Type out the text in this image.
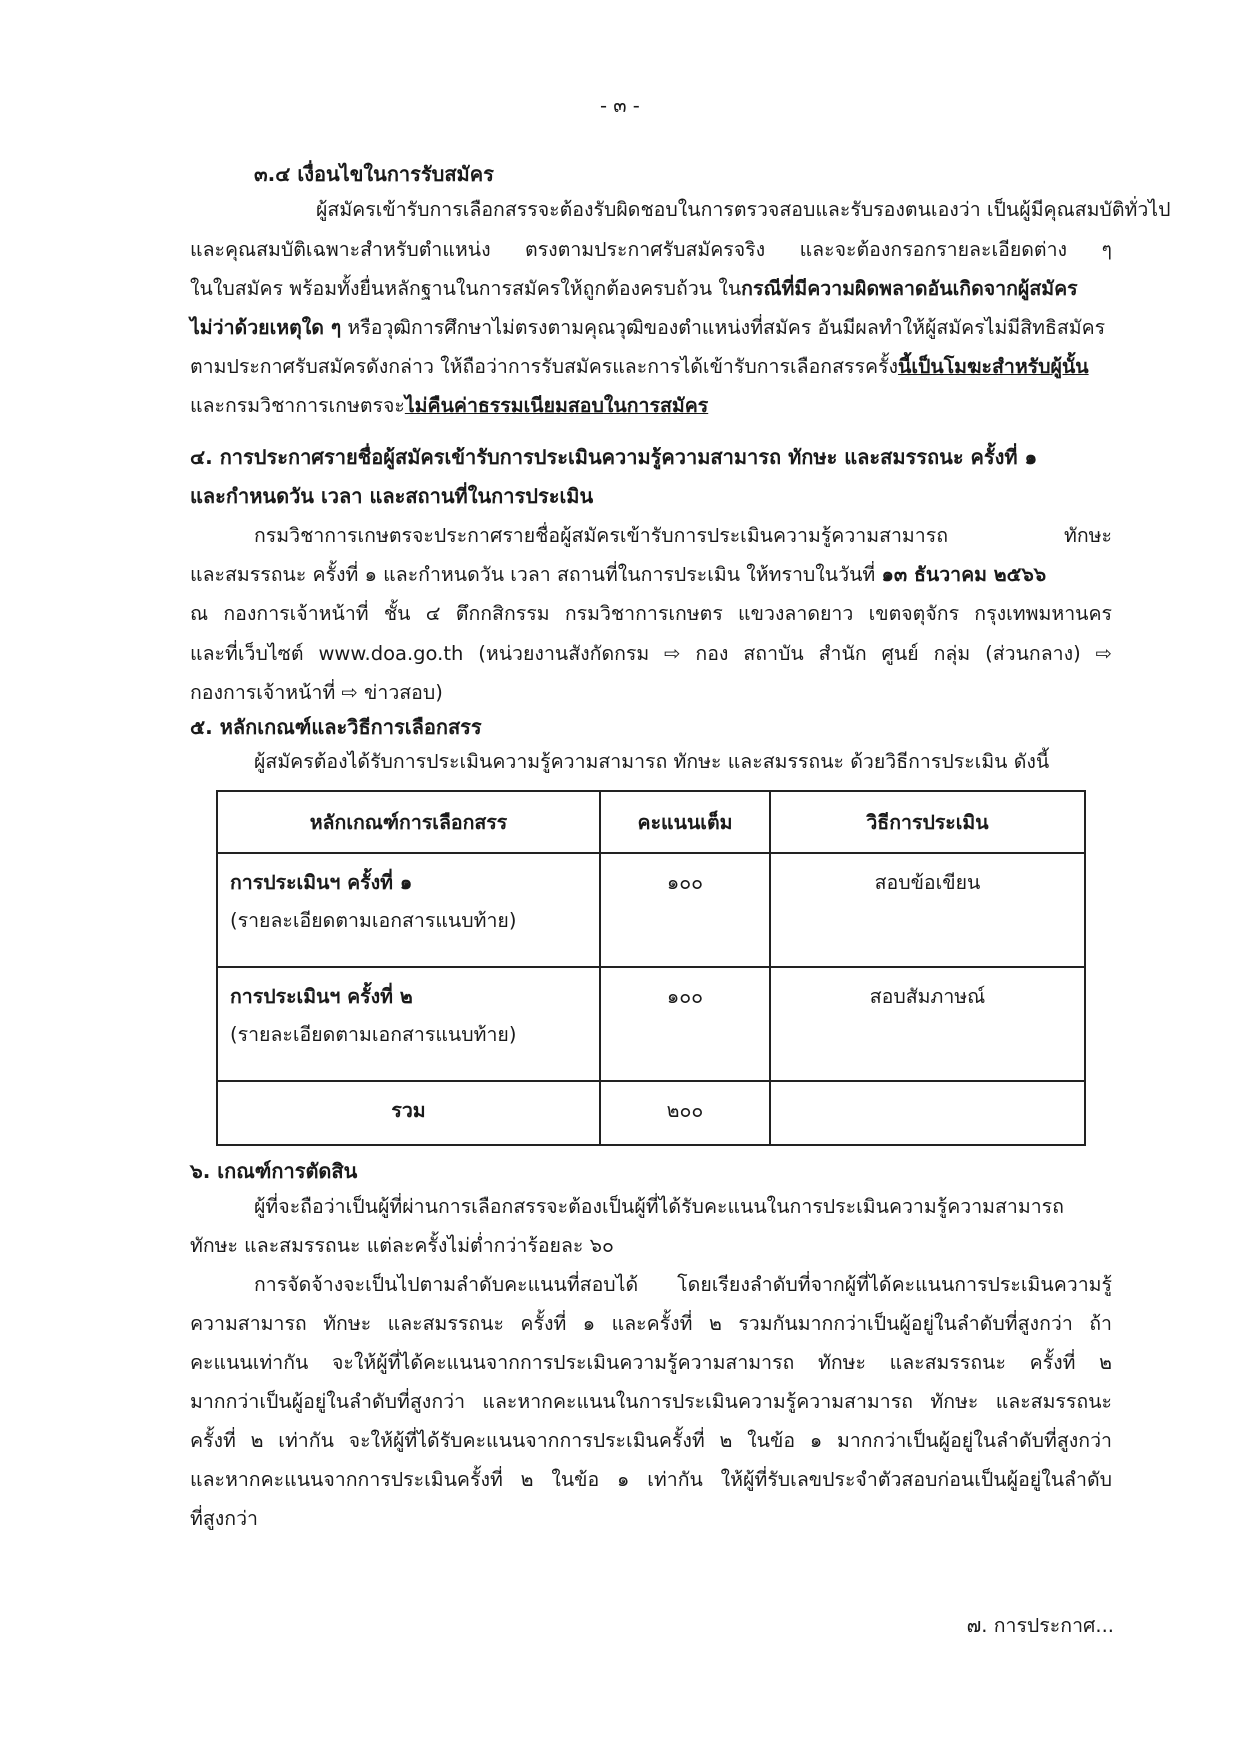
- ๓ -
๓.๔ เงื่อนไขในการรับสมัคร
ผู้สมัครเข้ารับการเลือกสรรจะต้องรับผิดชอบในการตรวจสอบและรับรองตนเองว่า เป็นผู้มีคุณสมบัติทั่วไป
และคุณสมบัติเฉพาะสำหรับตำแหน่ง ตรงตามประกาศรับสมัครจริง และจะต้องกรอกรายละเอียดต่าง ๆ
ในใบสมัคร พร้อมทั้งยื่นหลักฐานในการสมัครให้ถูกต้องครบถ้วน ในกรณีที่มีความผิดพลาดอันเกิดจากผู้สมัคร
ไม่ว่าด้วยเหตุใด ๆ หรือวุฒิการศึกษาไม่ตรงตามคุณวุฒิของตำแหน่งที่สมัคร อันมีผลทำให้ผู้สมัครไม่มีสิทธิสมัคร
ตามประกาศรับสมัครดังกล่าว ให้ถือว่าการรับสมัครและการได้เข้ารับการเลือกสรรครั้งนี้เป็นโมฆะสำหรับผู้นั้น
และกรมวิชาการเกษตรจะไม่คืนค่าธรรมเนียมสอบในการสมัคร
๔. การประกาศรายชื่อผู้สมัครเข้ารับการประเมินความรู้ความสามารถ ทักษะ และสมรรถนะ ครั้งที่ ๑
และกำหนดวัน เวลา และสถานที่ในการประเมิน
กรมวิชาการเกษตรจะประกาศรายชื่อผู้สมัครเข้ารับการประเมินความรู้ความสามารถ ทักษะ
และสมรรถนะ ครั้งที่ ๑ และกำหนดวัน เวลา สถานที่ในการประเมิน ให้ทราบในวันที่ ๑๓ ธันวาคม ๒๕๖๖
ณ กองการเจ้าหน้าที่ ชั้น ๔ ตึกกสิกรรม กรมวิชาการเกษตร แขวงลาดยาว เขตจตุจักร กรุงเทพมหานคร
และที่เว็บไซต์ www.doa.go.th (หน่วยงานสังกัดกรม ⇨ กอง สถาบัน สำนัก ศูนย์ กลุ่ม (ส่วนกลาง) ⇨
กองการเจ้าหน้าที่ ⇨ ข่าวสอบ)
๕. หลักเกณฑ์และวิธีการเลือกสรร
ผู้สมัครต้องได้รับการประเมินความรู้ความสามารถ ทักษะ และสมรรถนะ ด้วยวิธีการประเมิน ดังนี้
หลักเกณฑ์การเลือกสรร	คะแนนเต็ม	วิธีการประเมิน

การประเมินฯ ครั้งที่ ๑
(รายละเอียดตามเอกสารแนบท้าย)	๑๐๐	สอบข้อเขียน

การประเมินฯ ครั้งที่ ๒
(รายละเอียดตามเอกสารแนบท้าย)	๑๐๐	สอบสัมภาษณ์
รวม	๒๐๐	
๖. เกณฑ์การตัดสิน
ผู้ที่จะถือว่าเป็นผู้ที่ผ่านการเลือกสรรจะต้องเป็นผู้ที่ได้รับคะแนนในการประเมินความรู้ความสามารถ
ทักษะ และสมรรถนะ แต่ละครั้งไม่ต่ำกว่าร้อยละ ๖๐
การจัดจ้างจะเป็นไปตามลำดับคะแนนที่สอบได้ โดยเรียงลำดับที่จากผู้ที่ได้คะแนนการประเมินความรู้
ความสามารถ ทักษะ และสมรรถนะ ครั้งที่ ๑ และครั้งที่ ๒ รวมกันมากกว่าเป็นผู้อยู่ในลำดับที่สูงกว่า ถ้า
คะแนนเท่ากัน จะให้ผู้ที่ได้คะแนนจากการประเมินความรู้ความสามารถ ทักษะ และสมรรถนะ ครั้งที่ ๒
มากกว่าเป็นผู้อยู่ในลำดับที่สูงกว่า และหากคะแนนในการประเมินความรู้ความสามารถ ทักษะ และสมรรถนะ
ครั้งที่ ๒ เท่ากัน จะให้ผู้ที่ได้รับคะแนนจากการประเมินครั้งที่ ๒ ในข้อ ๑ มากกว่าเป็นผู้อยู่ในลำดับที่สูงกว่า
และหากคะแนนจากการประเมินครั้งที่ ๒ ในข้อ ๑ เท่ากัน ให้ผู้ที่รับเลขประจำตัวสอบก่อนเป็นผู้อยู่ในลำดับ
ที่สูงกว่า
๗. การประกาศ...
